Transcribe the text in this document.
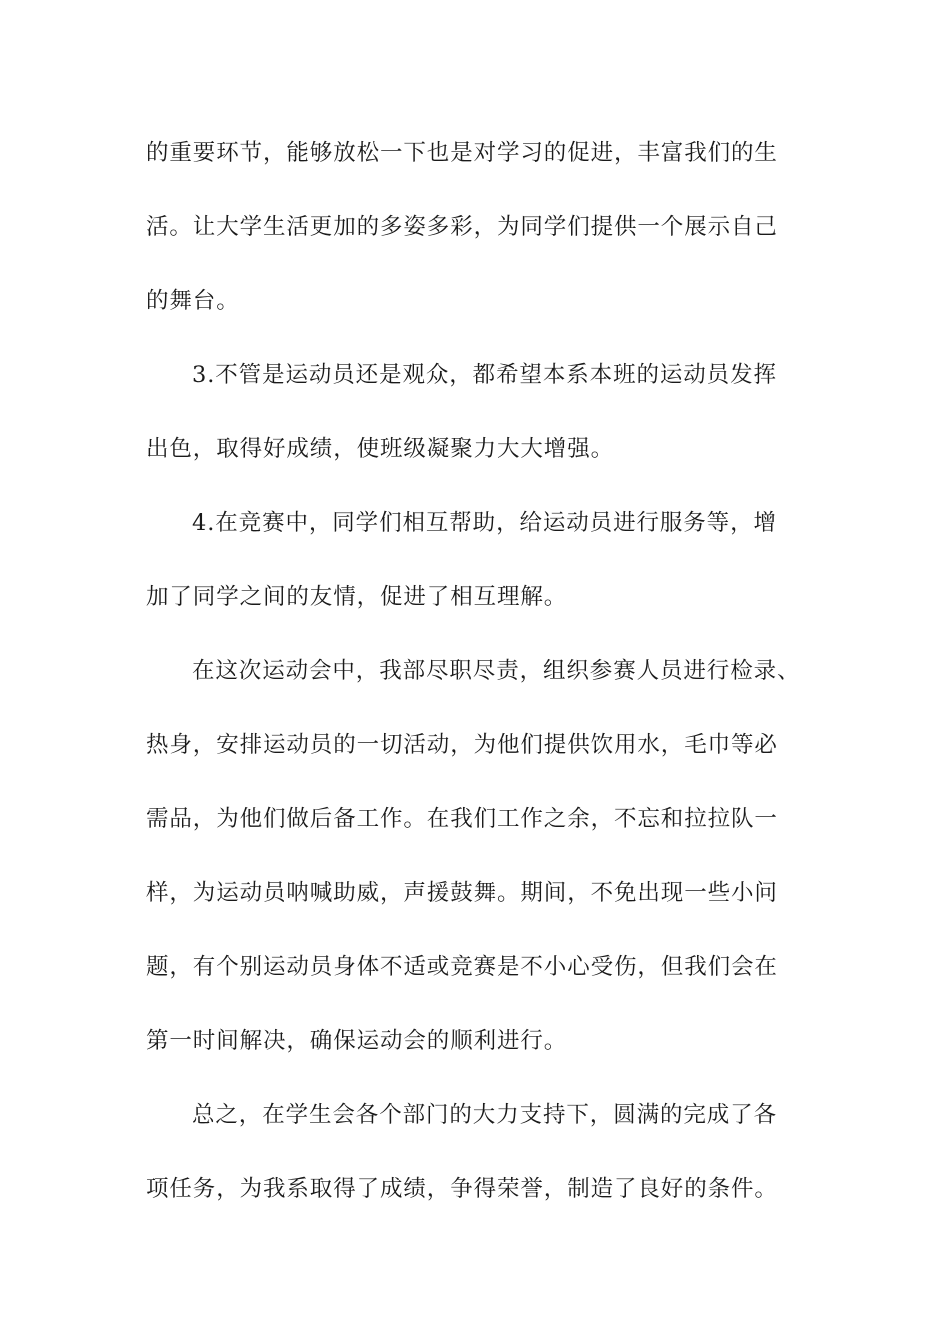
的重要环节，能够放松一下也是对学习的促进，丰富我们的生
活。让大学生活更加的多姿多彩，为同学们提供一个展示自己
的舞台。
3.不管是运动员还是观众，都希望本系本班的运动员发挥
出色，取得好成绩，使班级凝聚力大大增强。
4.在竞赛中，同学们相互帮助，给运动员进行服务等，增
加了同学之间的友情，促进了相互理解。
在这次运动会中，我部尽职尽责，组织参赛人员进行检录、
热身，安排运动员的一切活动，为他们提供饮用水，毛巾等必
需品，为他们做后备工作。在我们工作之余，不忘和拉拉队一
样，为运动员呐喊助威，声援鼓舞。期间，不免出现一些小问
题，有个别运动员身体不适或竞赛是不小心受伤，但我们会在
第一时间解决，确保运动会的顺利进行。
总之，在学生会各个部门的大力支持下，圆满的完成了各
项任务，为我系取得了成绩，争得荣誉，制造了良好的条件。
